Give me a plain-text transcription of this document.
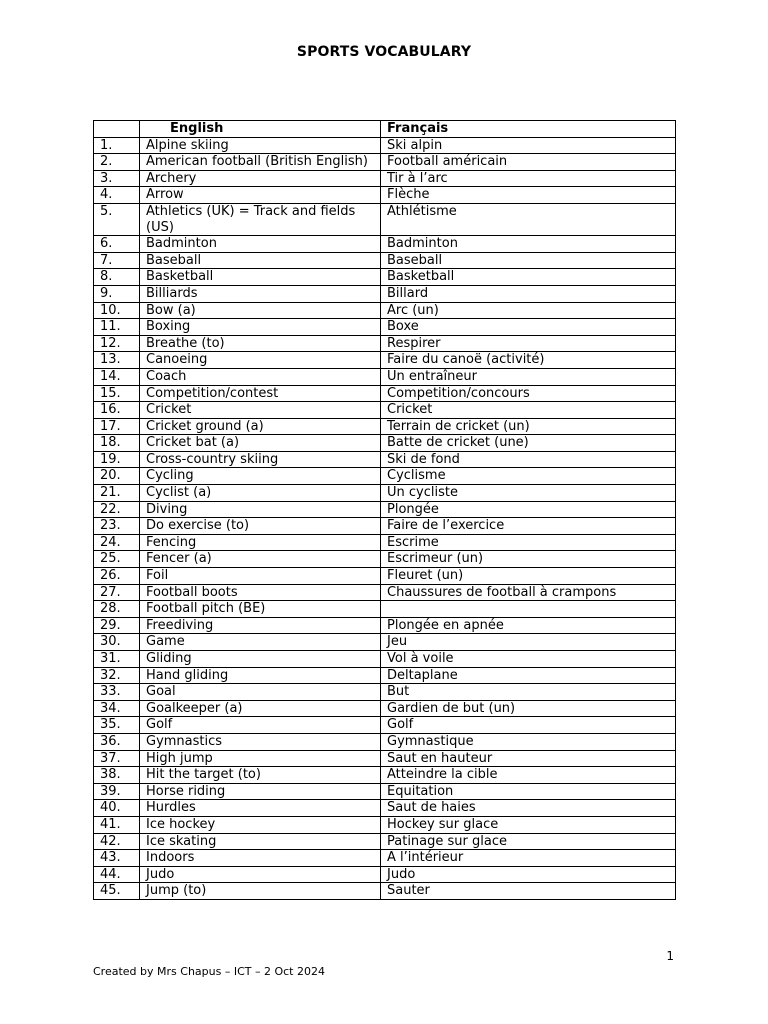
SPORTS VOCABULARY
	English	Français
1.	Alpine skiing	Ski alpin
2.	American football (British English)	Football américain
3.	Archery	Tir à l’arc
4.	Arrow	Flèche
5.	Athletics (UK) = Track and fields (US)	Athlétisme
6.	Badminton	Badminton
7.	Baseball	Baseball
8.	Basketball	Basketball
9.	Billiards	Billard
10.	Bow (a)	Arc (un)
11.	Boxing	Boxe
12.	Breathe (to)	Respirer
13.	Canoeing	Faire du canoë (activité)
14.	Coach	Un entraîneur
15.	Competition/contest	Competition/concours
16.	Cricket	Cricket
17.	Cricket ground (a)	Terrain de cricket (un)
18.	Cricket bat (a)	Batte de cricket (une)
19.	Cross-country skiing	Ski de fond
20.	Cycling	Cyclisme
21.	Cyclist (a)	Un cycliste
22.	Diving	Plongée
23.	Do exercise (to)	Faire de l’exercice
24.	Fencing	Escrime
25.	Fencer (a)	Escrimeur (un)
26.	Foil	Fleuret (un)
27.	Football boots	Chaussures de football à crampons
28.	Football pitch (BE)	
29.	Freediving	Plongée en apnée
30.	Game	Jeu
31.	Gliding	Vol à voile
32.	Hand gliding	Deltaplane
33.	Goal	But
34.	Goalkeeper (a)	Gardien de but (un)
35.	Golf	Golf
36.	Gymnastics	Gymnastique
37.	High jump	Saut en hauteur
38.	Hit the target (to)	Atteindre la cible
39.	Horse riding	Equitation
40.	Hurdles	Saut de haies
41.	Ice hockey	Hockey sur glace
42.	Ice skating	Patinage sur glace
43.	Indoors	A l’intérieur
44.	Judo	Judo
45.	Jump (to)	Sauter
1
Created by Mrs Chapus – ICT – 2 Oct 2024
